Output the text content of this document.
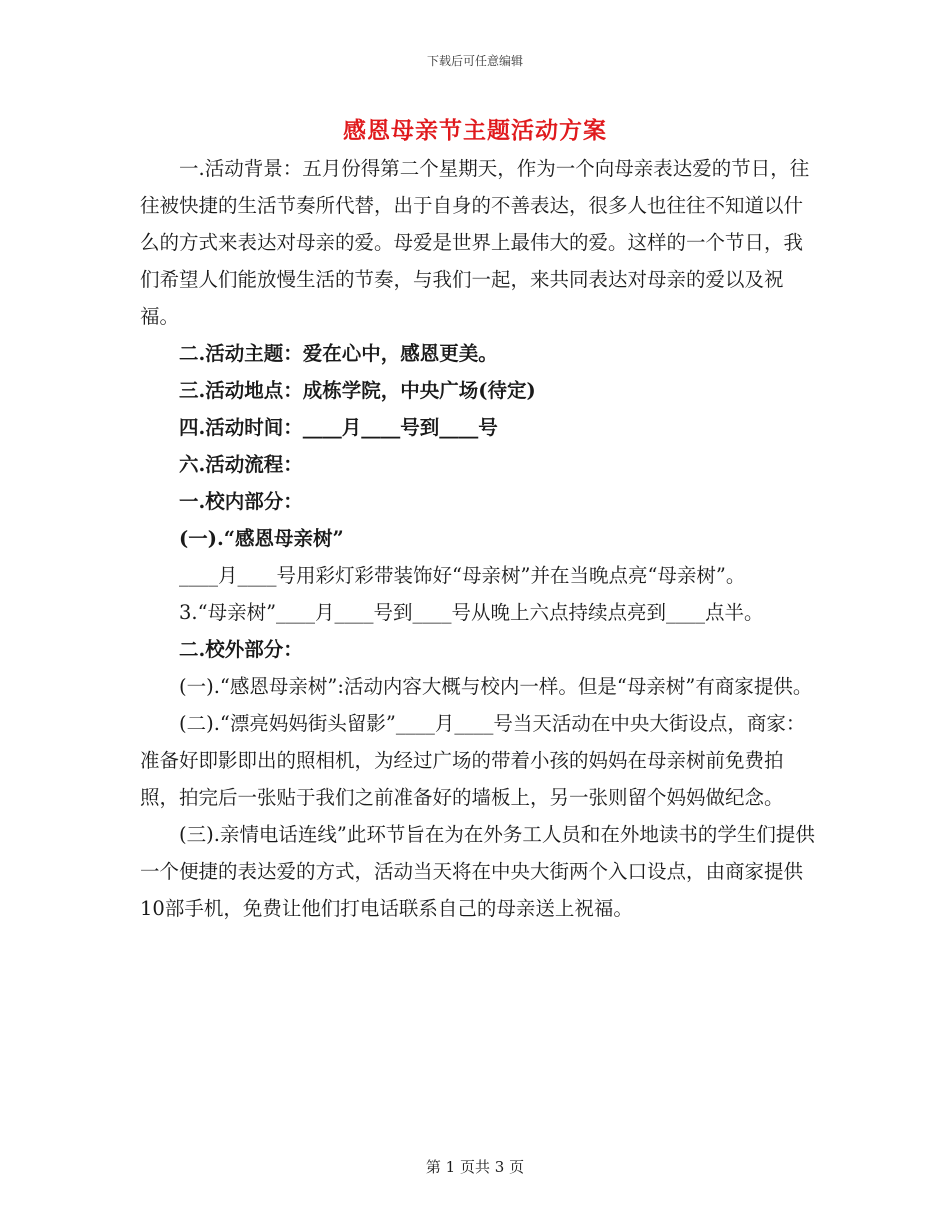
下载后可任意编辑
感恩母亲节主题活动方案

一.活动背景：五月份得第二个星期天，作为一个向母亲表达爱的节日，往往被快捷的生活节奏所代替，出于自身的不善表达，很多人也往往不知道以什么的方式来表达对母亲的爱。母爱是世界上最伟大的爱。这样的一个节日，我们希望人们能放慢生活的节奏，与我们一起，来共同表达对母亲的爱以及祝福。

二.活动主题：爱在心中，感恩更美。

三.活动地点：成栋学院，中央广场(待定)

四.活动时间：____月____号到____号

六.活动流程：

一.校内部分：

(一).“感恩母亲树”

____月____号用彩灯彩带装饰好“母亲树”并在当晚点亮“母亲树”。

3.“母亲树”____月____号到____号从晚上六点持续点亮到____点半。

二.校外部分：

(一).“感恩母亲树”:活动内容大概与校内一样。但是“母亲树”有商家提供。

(二).“漂亮妈妈街头留影”____月____号当天活动在中央大街设点，商家：准备好即影即出的照相机，为经过广场的带着小孩的妈妈在母亲树前免费拍照，拍完后一张贴于我们之前准备好的墙板上，另一张则留个妈妈做纪念。

(三).亲情电话连线”此环节旨在为在外务工人员和在外地读书的学生们提供一个便捷的表达爱的方式，活动当天将在中央大街两个入口设点，由商家提供10部手机，免费让他们打电话联系自己的母亲送上祝福。

第 1 页共 3 页
